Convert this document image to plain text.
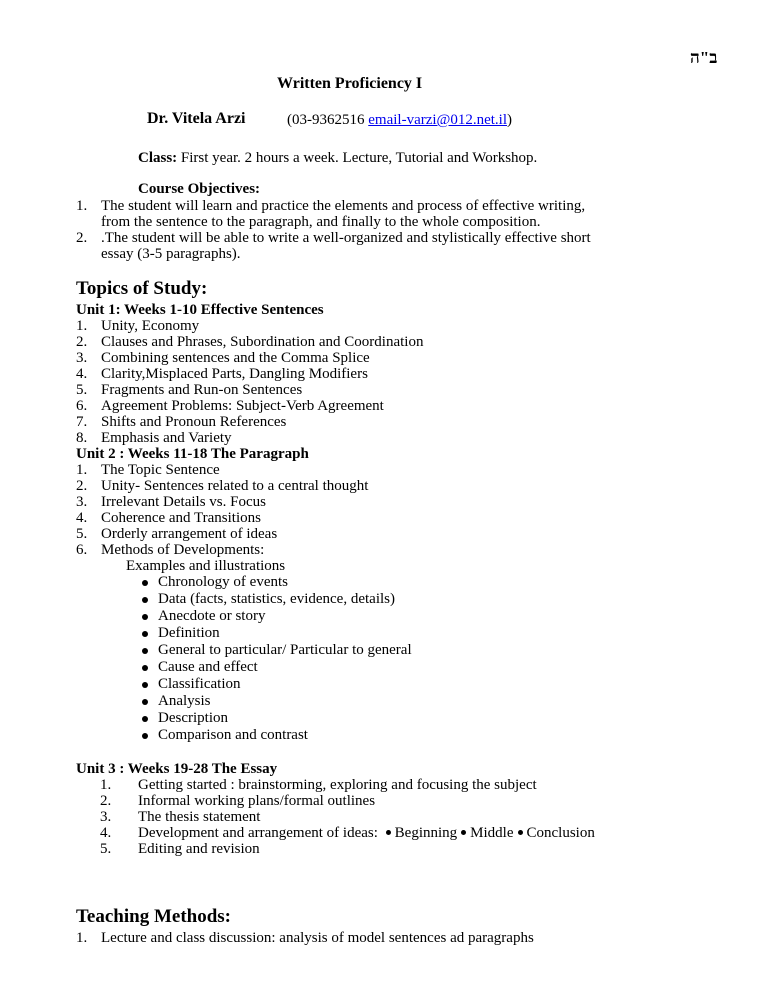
ב"ה
Written Proficiency I
Dr. Vitela Arzi	(03-9362516 email-varzi@012.net.il)
Class: First year. 2 hours a week. Lecture, Tutorial and Workshop.
Course Objectives:
1. The student will learn and practice the elements and process of effective writing,
from the sentence to the paragraph, and finally to the whole composition.
2. .The student will be able to write a well-organized and stylistically effective short
essay (3-5 paragraphs).
Topics of Study:
Unit 1: Weeks 1-10 Effective Sentences
1. Unity, Economy
2. Clauses and Phrases, Subordination and Coordination
3. Combining sentences and the Comma Splice
4. Clarity,Misplaced Parts, Dangling Modifiers
5. Fragments and Run-on Sentences
6. Agreement Problems: Subject-Verb Agreement
7. Shifts and Pronoun References
8. Emphasis and Variety
Unit 2 : Weeks 11-18 The Paragraph
1. The Topic Sentence
2. Unity- Sentences related to a central thought
3. Irrelevant Details vs. Focus
4. Coherence and Transitions
5. Orderly arrangement of ideas
6. Methods of Developments:
Examples and illustrations
Chronology of events
Data (facts, statistics, evidence, details)
Anecdote or story
Definition
General to particular/ Particular to general
Cause and effect
Classification
Analysis
Description
Comparison and contrast
Unit 3 : Weeks 19-28 The Essay
1. Getting started : brainstorming, exploring and focusing the subject
2. Informal working plans/formal outlines
3. The thesis statement
4. Development and arrangement of ideas: Beginning Middle Conclusion
5. Editing and revision
Teaching Methods:
1. Lecture and class discussion: analysis of model sentences ad paragraphs
